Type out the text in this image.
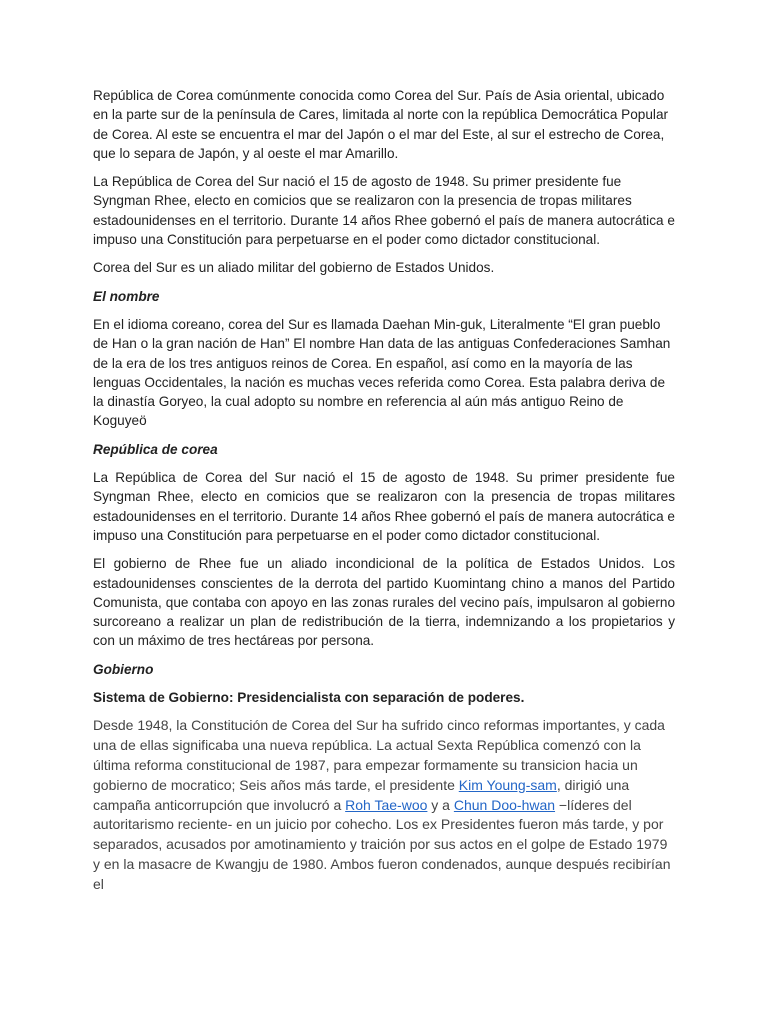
República de Corea comúnmente conocida como Corea del Sur. País de Asia oriental, ubicado en la parte sur de la península de Cares, limitada al norte con la república Democrática Popular de Corea. Al este se encuentra el mar del Japón o el mar del Este, al sur el estrecho de Corea, que lo separa de Japón, y al oeste el mar Amarillo.

La República de Corea del Sur nació el 15 de agosto de 1948. Su primer presidente fue Syngman Rhee, electo en comicios que se realizaron con la presencia de tropas militares estadounidenses en el territorio. Durante 14 años Rhee gobernó el país de manera autocrática e impuso una Constitución para perpetuarse en el poder como dictador constitucional.

Corea del Sur es un aliado militar del gobierno de Estados Unidos.

El nombre

En el idioma coreano, corea del Sur es llamada Daehan Min-guk, Literalmente “El gran pueblo de Han o la gran nación de Han” El nombre Han data de las antiguas Confederaciones Samhan de la era de los tres antiguos reinos de Corea. En español, así como en la mayoría de las lenguas Occidentales, la nación es muchas veces referida como Corea. Esta palabra deriva de la dinastía Goryeo, la cual adopto su nombre en referencia al aún más antiguo Reino de Koguyeö

República de corea

La República de Corea del Sur nació el 15 de agosto de 1948. Su primer presidente fue Syngman Rhee, electo en comicios que se realizaron con la presencia de tropas militares estadounidenses en el territorio. Durante 14 años Rhee gobernó el país de manera autocrática e impuso una Constitución para perpetuarse en el poder como dictador constitucional.

El gobierno de Rhee fue un aliado incondicional de la política de Estados Unidos. Los estadounidenses conscientes de la derrota del partido Kuomintang chino a manos del Partido Comunista, que contaba con apoyo en las zonas rurales del vecino país, impulsaron al gobierno surcoreano a realizar un plan de redistribución de la tierra, indemnizando a los propietarios y con un máximo de tres hectáreas por persona.

Gobierno

Sistema de Gobierno: Presidencialista con separación de poderes.

Desde 1948, la Constitución de Corea del Sur ha sufrido cinco reformas importantes, y cada una de ellas significaba una nueva república. La actual Sexta República comenzó con la última reforma constitucional de 1987, para empezar formamente su transicion hacia un gobierno de mocratico; Seis años más tarde, el presidente Kim Young-sam, dirigió una campaña anticorrupción que involucró a Roh Tae-woo y a Chun Doo-hwan −líderes del autoritarismo reciente- en un juicio por cohecho. Los ex Presidentes fueron más tarde, y por separados, acusados por amotinamiento y traición por sus actos en el golpe de Estado 1979 y en la masacre de Kwangju de 1980. Ambos fueron condenados, aunque después recibirían el
